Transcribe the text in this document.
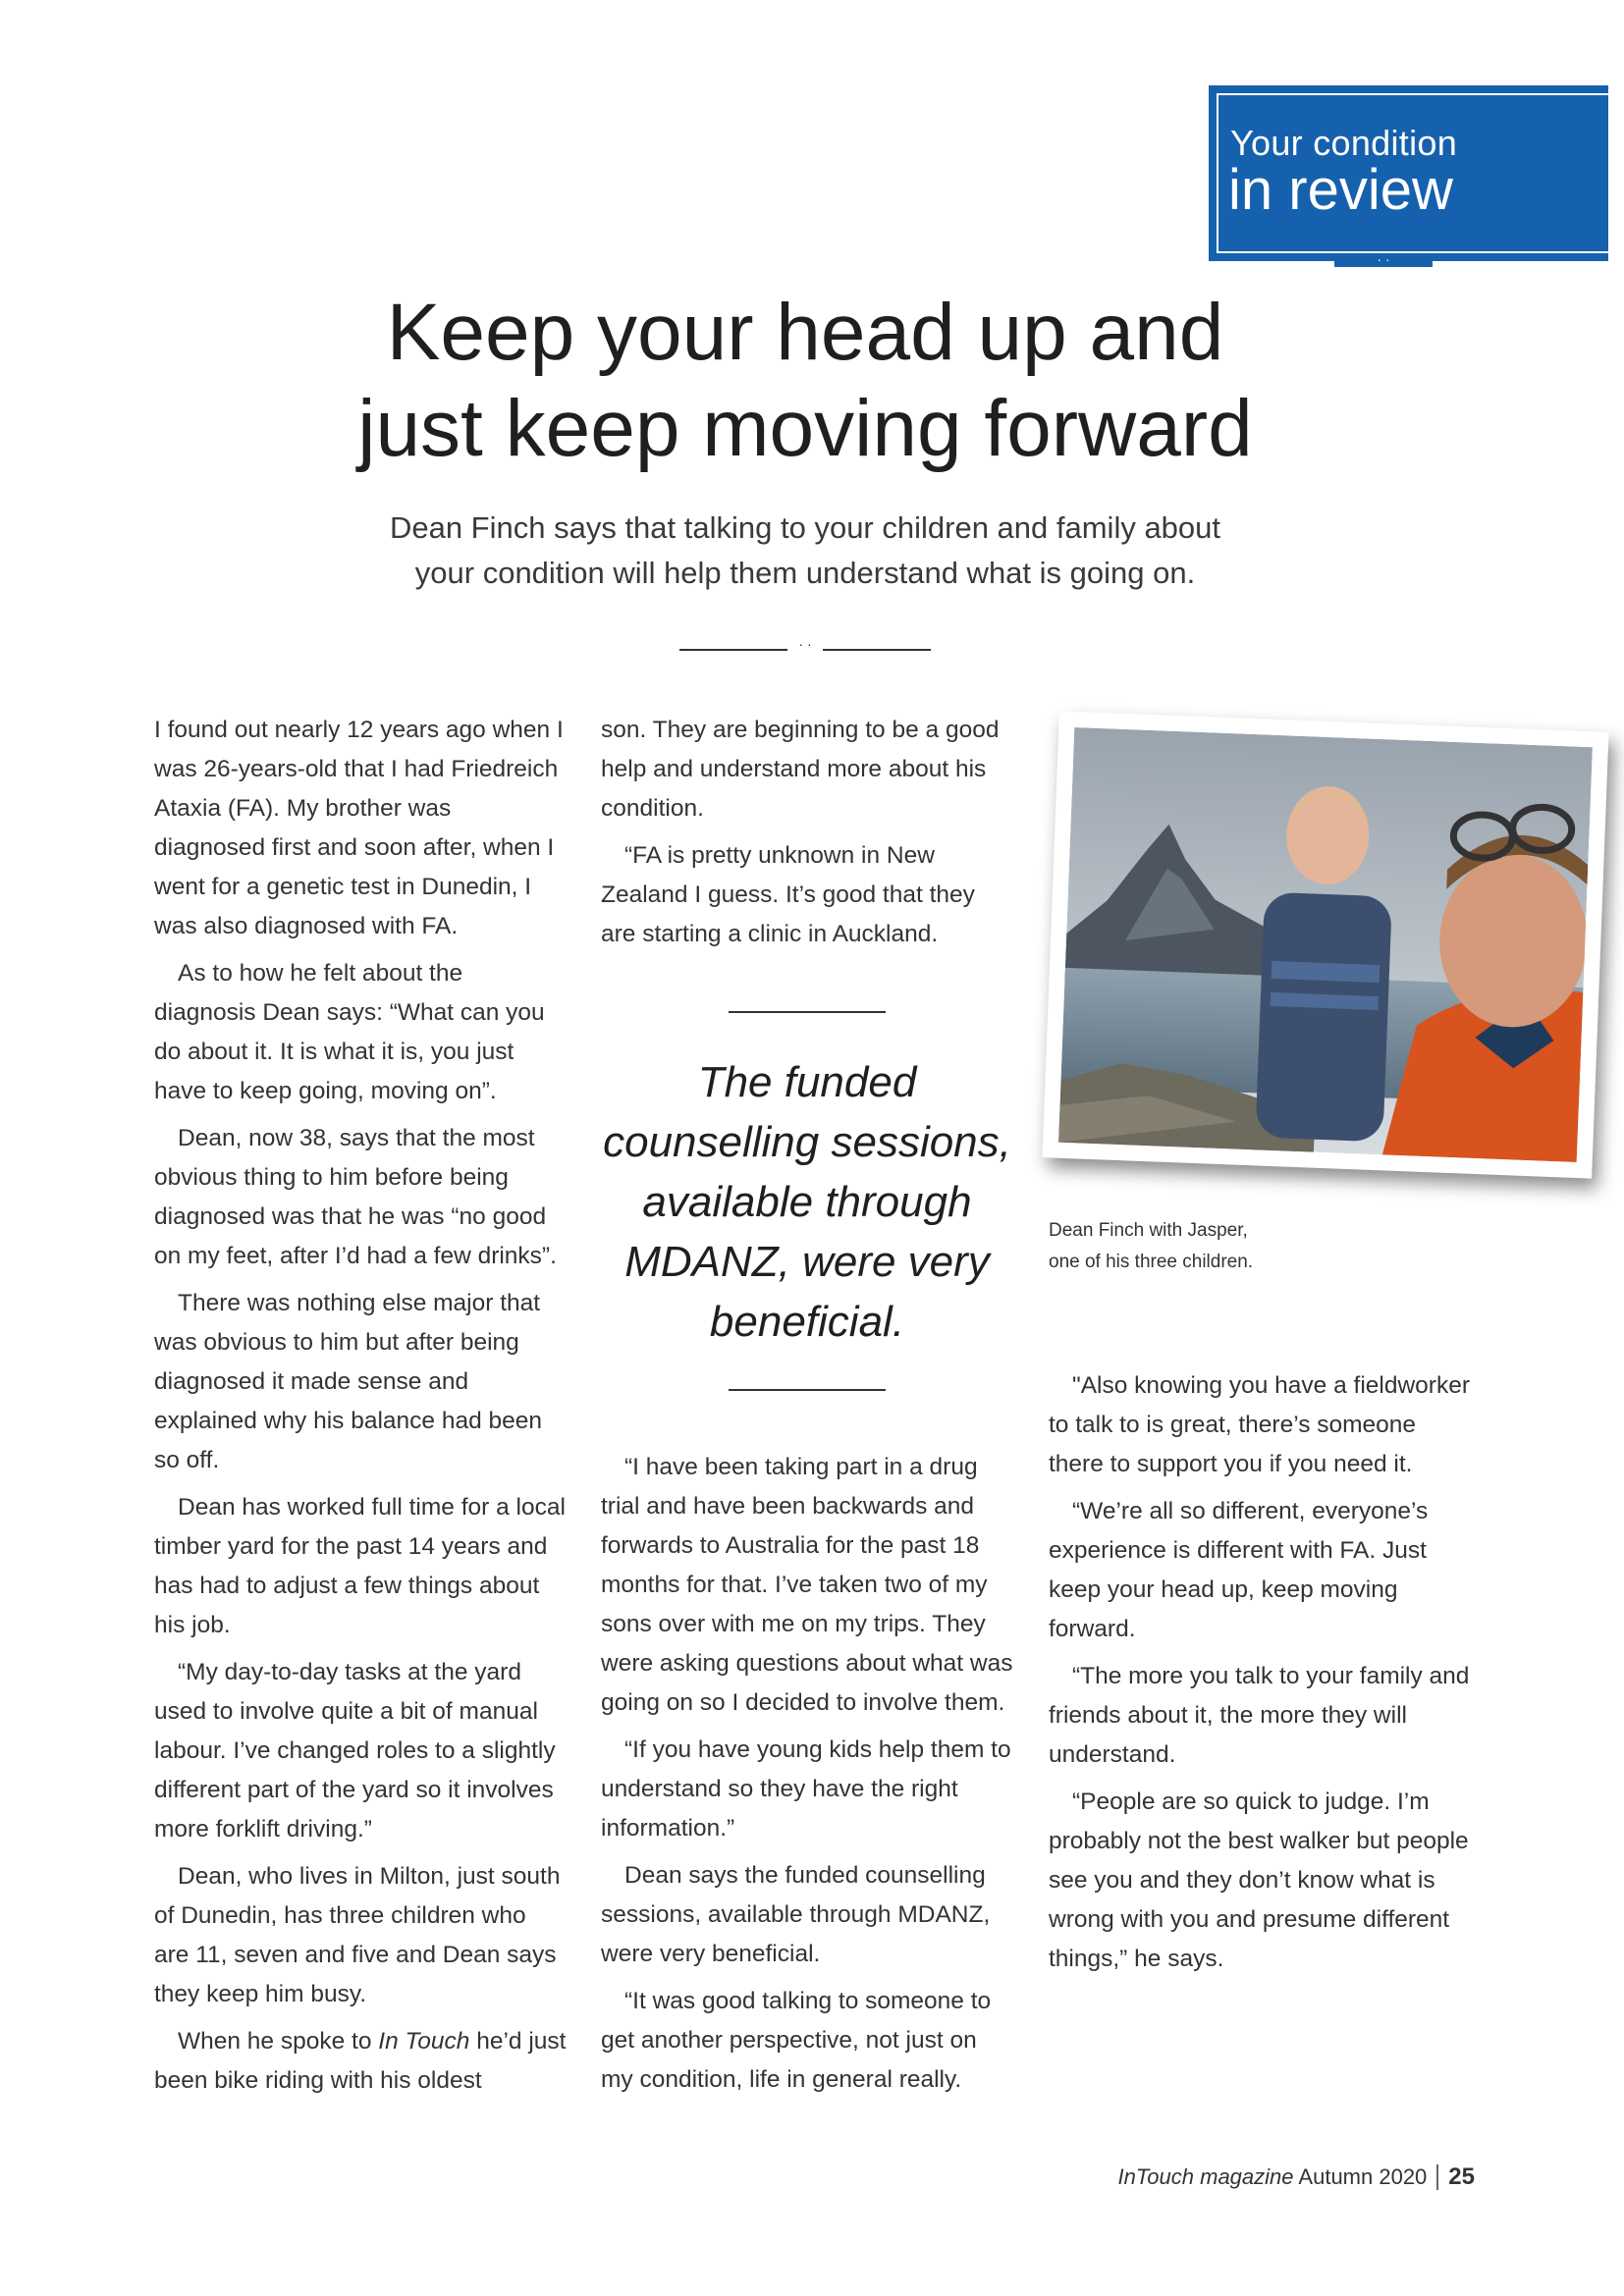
Your condition
in review
· ·
Keep your head up and
just keep moving forward

Dean Finch says that talking to your children and family about
your condition will help them understand what is going on.

· ·

I found out nearly 12 years ago when I was 26-years-old that I had Friedreich Ataxia (FA). My brother was diagnosed first and soon after, when I went for a genetic test in Dunedin, I was also diagnosed with FA.

As to how he felt about the diagnosis Dean says: “What can you do about it. It is what it is, you just have to keep going, moving on”.

Dean, now 38, says that the most obvious thing to him before being diagnosed was that he was “no good on my feet, after I’d had a few drinks”.

There was nothing else major that was obvious to him but after being diagnosed it made sense and explained why his balance had been so off.

Dean has worked full time for a local timber yard for the past 14 years and has had to adjust a few things about his job.

“My day-to-day tasks at the yard used to involve quite a bit of manual labour. I’ve changed roles to a slightly different part of the yard so it involves more forklift driving.”

Dean, who lives in Milton, just south of Dunedin, has three children who are 11, seven and five and Dean says they keep him busy.

When he spoke to In Touch he’d just been bike riding with his oldest

son. They are beginning to be a good help and understand more about his condition.

“FA is pretty unknown in New Zealand I guess. It’s good that they are starting a clinic in Auckland.

The funded counselling sessions, available through MDANZ, were very beneficial.

“I have been taking part in a drug trial and have been backwards and forwards to Australia for the past 18 months for that. I’ve taken two of my sons over with me on my trips. They were asking questions about what was going on so I decided to involve them.

“If you have young kids help them to understand so they have the right information.”

Dean says the funded counselling sessions, available through MDANZ, were very beneficial.

“It was good talking to someone to get another perspective, not just on my condition, life in general really.

Dean Finch with Jasper,
one of his three children.

"Also knowing you have a fieldworker to talk to is great, there’s someone there to support you if you need it.

“We’re all so different, everyone’s experience is different with FA. Just keep your head up, keep moving forward.

“The more you talk to your family and friends about it, the more they will understand.

“People are so quick to judge. I’m probably not the best walker but people see you and they don’t know what is wrong with you and presume different things,” he says.

InTouch magazine Autumn 2020 25
